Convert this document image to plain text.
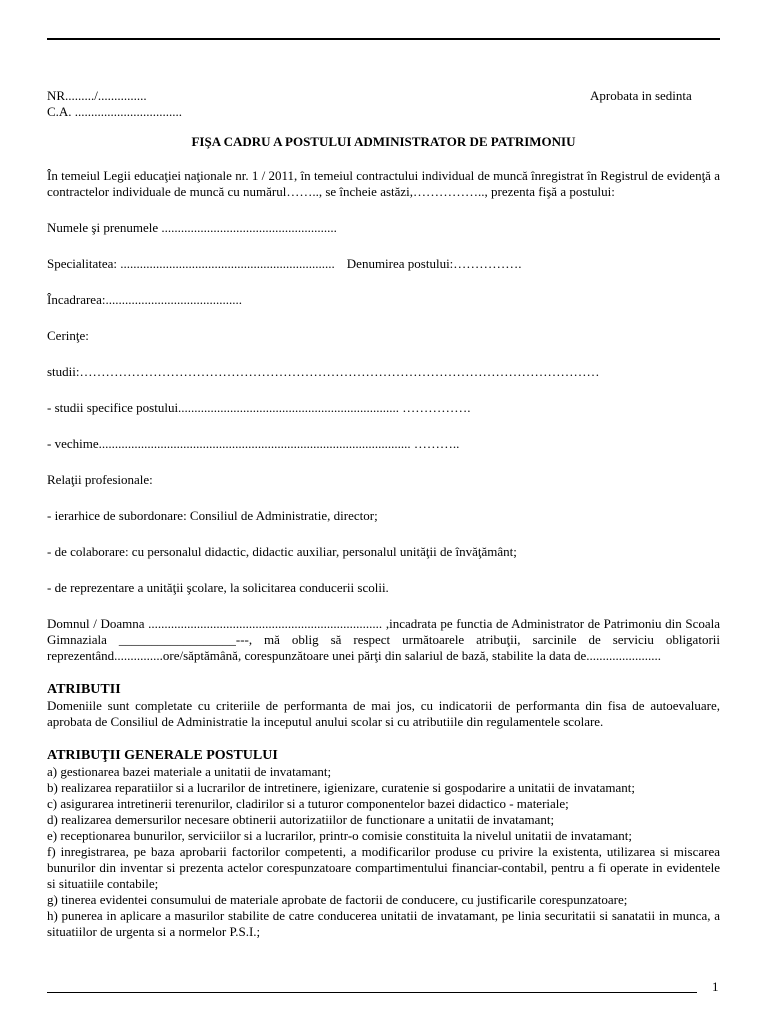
NR........./...............
C.A. .................................
Aprobata in sedinta

FIŞA CADRU A POSTULUI ADMINISTRATOR DE PATRIMONIU

În temeiul Legii educaţiei naţionale nr. 1 / 2011, în temeiul contractului individual de muncă înregistrat în Registrul de evidenţă a contractelor individuale de muncă cu numărul…….., se încheie astăzi,…………….., prezenta fişă a postului:

Numele şi prenumele ......................................................

Specialitatea: .................................................................. Denumirea postului:…………….

Încadrarea:..........................................

Cerinţe:

studii:…………………………………………………………………………………………………………

- studii specifice postului.................................................................... …………….

- vechime................................................................................................ ………..

Relaţii profesionale:

- ierarhice de subordonare: Consiliul de Administratie, director;

- de colaborare: cu personalul didactic, didactic auxiliar, personalul unităţii de învăţământ;

- de reprezentare a unităţii şcolare, la solicitarea conducerii scolii.

Domnul / Doamna ........................................................................ ,incadrata pe functia de Administrator de Patrimoniu din Scoala Gimnaziala __________________---, mă oblig să respect următoarele atribuţii, sarcinile de serviciu obligatorii reprezentând...............ore/săptămână, corespunzătoare unei părţi din salariul de bază, stabilite la data de.......................

ATRIBUTII

Domeniile sunt completate cu criteriile de performanta de mai jos, cu indicatorii de performanta din fisa de autoevaluare, aprobata de Consiliul de Administratie la inceputul anului scolar si cu atributiile din regulamentele scolare.

ATRIBUŢII GENERALE POSTULUI

a) gestionarea bazei materiale a unitatii de invatamant;

b) realizarea reparatiilor si a lucrarilor de intretinere, igienizare, curatenie si gospodarire a unitatii de invatamant;

c) asigurarea intretinerii terenurilor, cladirilor si a tuturor componentelor bazei didactico - materiale;

d) realizarea demersurilor necesare obtinerii autorizatiilor de functionare a unitatii de invatamant;

e) receptionarea bunurilor, serviciilor si a lucrarilor, printr-o comisie constituita la nivelul unitatii de invatamant;

f) inregistrarea, pe baza aprobarii factorilor competenti, a modificarilor produse cu privire la existenta, utilizarea si miscarea bunurilor din inventar si prezenta actelor corespunzatoare compartimentului financiar-contabil, pentru a fi operate in evidentele si situatiile contabile;

g) tinerea evidentei consumului de materiale aprobate de factorii de conducere, cu justificarile corespunzatoare;

h) punerea in aplicare a masurilor stabilite de catre conducerea unitatii de invatamant, pe linia securitatii si sanatatii in munca, a situatiilor de urgenta si a normelor P.S.I.;

1
